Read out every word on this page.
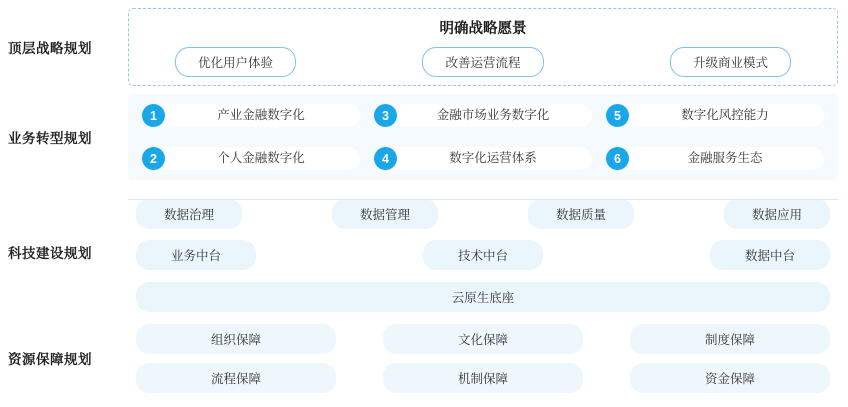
顶层战略规划
明确战略愿景
优化用户体验	改善运营流程	升级商业模式
业务转型规划
1	产业金融数字化	3	金融市场业务数字化	5	数字化风控能力
2	个人金融数字化	4	数字化运营体系	6	金融服务生态
科技建设规划
数据治理	数据管理	数据质量	数据应用
业务中台	技术中台	数据中台
云原生底座
资源保障规划
组织保障	文化保障	制度保障
流程保障	机制保障	资金保障
